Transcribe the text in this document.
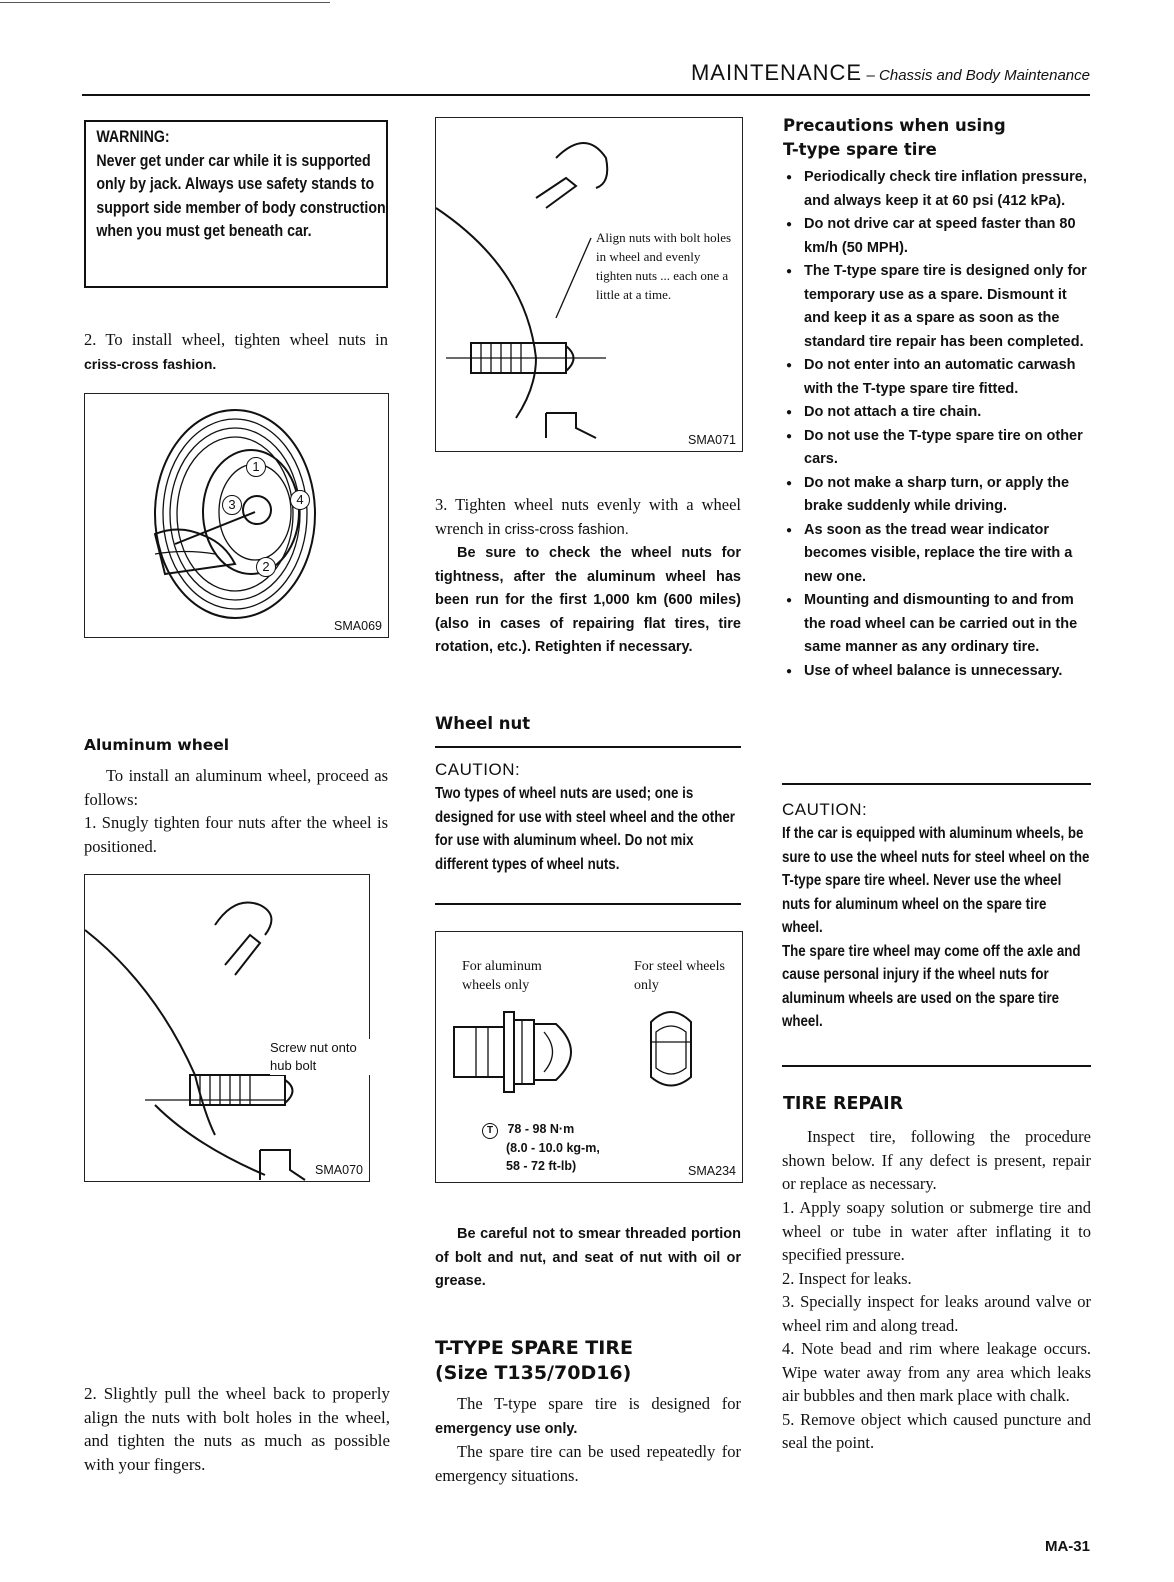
MAINTENANCE – Chassis and Body Maintenance
WARNING:
Never get under car while it is supported only by jack. Always use safety stands to support side member of body construction when you must get beneath car.
2. To install wheel, tighten wheel nuts in criss-cross fashion.
1
2
3	4
SMA069
Aluminum wheel
To install an aluminum wheel, proceed as follows:
1. Snugly tighten four nuts after the wheel is positioned.
Screw nut onto hub bolt
SMA070
2. Slightly pull the wheel back to properly align the nuts with bolt holes in the wheel, and tighten the nuts as much as possible with your fingers.
Align nuts with bolt holes in wheel and evenly tighten nuts ... each one a little at a time.
SMA071
3. Tighten wheel nuts evenly with a wheel wrench in criss-cross fashion.
Be sure to check the wheel nuts for tightness, after the aluminum wheel has been run for the first 1,000 km (600 miles) (also in cases of repairing flat tires, tire rotation, etc.). Retighten if necessary.
Wheel nut
CAUTION:
Two types of wheel nuts are used; one is designed for use with steel wheel and the other for use with aluminum wheel. Do not mix different types of wheel nuts.
For aluminum wheels only
For steel wheels only
T 78 - 98 N·m
(8.0 - 10.0 kg-m,
58 - 72 ft-lb)	SMA234
Be careful not to smear threaded portion of bolt and nut, and seat of nut with oil or grease.
T-TYPE SPARE TIRE
(Size T135/70D16)
The T-type spare tire is designed for emergency use only.
The spare tire can be used repeatedly for emergency situations.
Precautions when using
T-type spare tire
● Periodically check tire inflation pressure, and always keep it at 60 psi (412 kPa).
● Do not drive car at speed faster than 80 km/h (50 MPH).
● The T-type spare tire is designed only for temporary use as a spare. Dismount it and keep it as a spare as soon as the standard tire repair has been completed.
● Do not enter into an automatic carwash with the T-type spare tire fitted.
● Do not attach a tire chain.
● Do not use the T-type spare tire on other cars.
● Do not make a sharp turn, or apply the brake suddenly while driving.
● As soon as the tread wear indicator becomes visible, replace the tire with a new one.
● Mounting and dismounting to and from the road wheel can be carried out in the same manner as any ordinary tire.
● Use of wheel balance is unnecessary.
CAUTION:
If the car is equipped with aluminum wheels, be sure to use the wheel nuts for steel wheel on the T-type spare tire wheel. Never use the wheel nuts for aluminum wheel on the spare tire wheel.
The spare tire wheel may come off the axle and cause personal injury if the wheel nuts for aluminum wheels are used on the spare tire wheel.
TIRE REPAIR
Inspect tire, following the procedure shown below. If any defect is present, repair or replace as necessary.
1. Apply soapy solution or submerge tire and wheel or tube in water after inflating it to specified pressure.
2. Inspect for leaks.
3. Specially inspect for leaks around valve or wheel rim and along tread.
4. Note bead and rim where leakage occurs. Wipe water away from any area which leaks air bubbles and then mark place with chalk.
5. Remove object which caused puncture and seal the point.
MA-31
